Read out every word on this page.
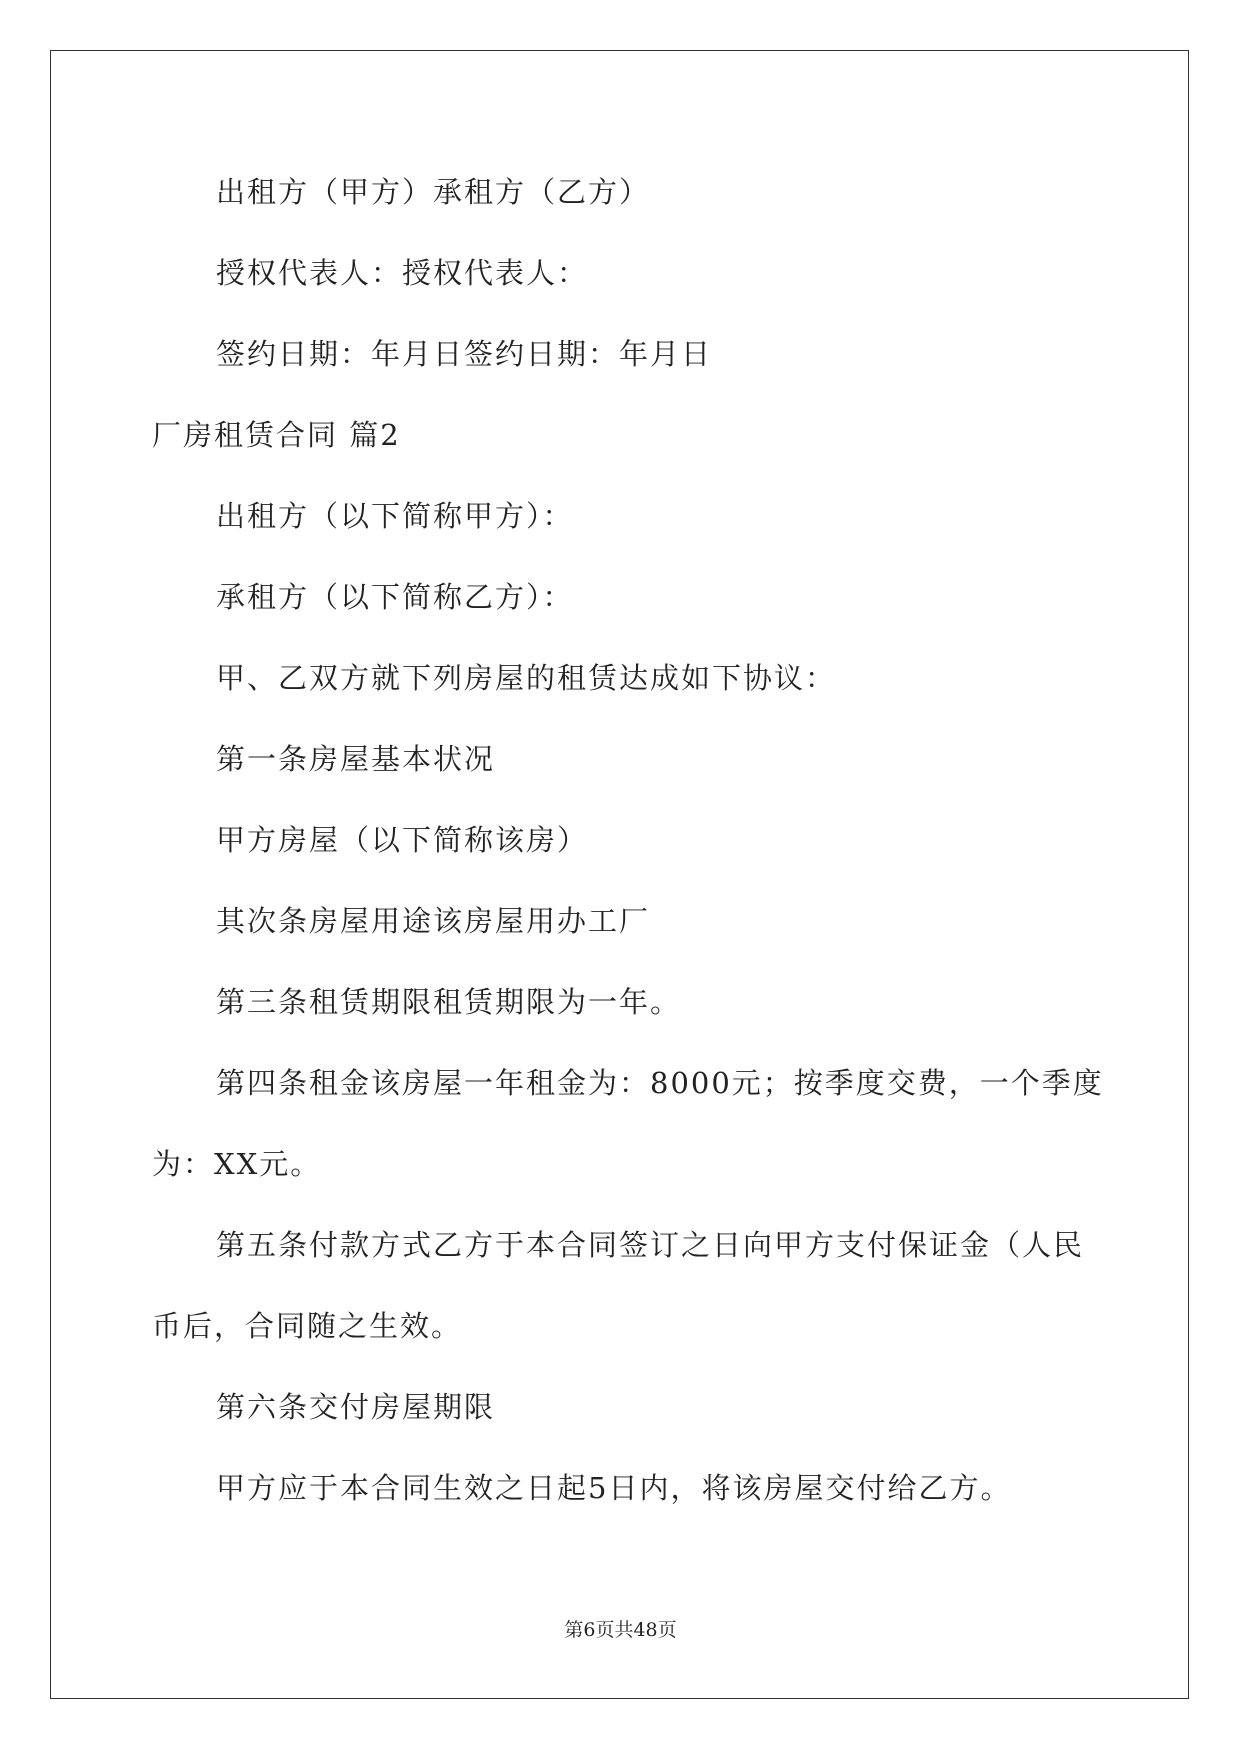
出租方（甲方）承租方（乙方）

授权代表人：授权代表人：

签约日期：年月日签约日期：年月日

厂房租赁合同 篇2

出租方（以下简称甲方）：

承租方（以下简称乙方）：

甲、乙双方就下列房屋的租赁达成如下协议：

第一条房屋基本状况

甲方房屋（以下简称该房）

其次条房屋用途该房屋用办工厂

第三条租赁期限租赁期限为一年。

第四条租金该房屋一年租金为：8000元；按季度交费，一个季度

为：XX元。

第五条付款方式乙方于本合同签订之日向甲方支付保证金（人民

币后，合同随之生效。

第六条交付房屋期限

甲方应于本合同生效之日起5日内，将该房屋交付给乙方。

第6页共48页
